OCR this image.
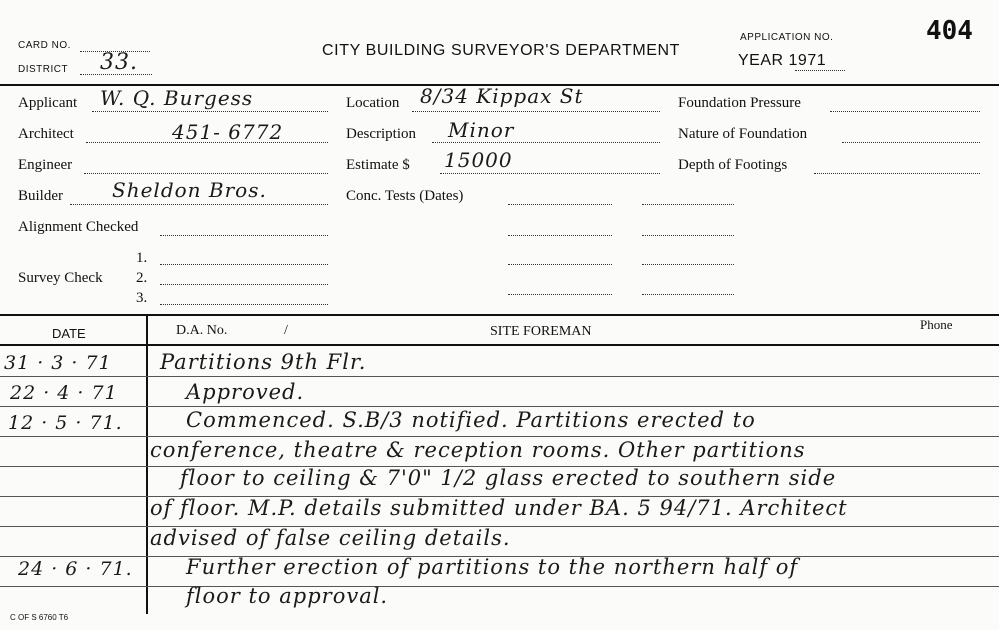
CARD NO.
DISTRICT 33.	CITY BUILDING SURVEYOR'S DEPARTMENT
APPLICATION NO.
YEAR 1971
404
Applicant W. Q. Burgess
Architect	451- 6772
Engineer
Builder Sheldon Bros.
Alignment Checked
Survey Check
1.
2.
3.
Location 8/34 Kippax St
Description Minor
Estimate $ 15000
Conc. Tests (Dates)
Foundation Pressure
Nature of Foundation
Depth of Footings
DATE	D.A. No.	/	SITE FOREMAN	Phone
31 · 3 · 71 Partitions 9th Flr.
22 · 4 · 71	Approved.
12 · 5 · 71.	Commenced. S.B/3 notified. Partitions erected to
conference, theatre & reception rooms. Other partitions
floor to ceiling & 7'0" 1/2 glass erected to southern side
of floor. M.P. details submitted under BA. 5 94/71. Architect
advised of false ceiling details.
24 · 6 · 71.	Further erection of partitions to the northern half of
floor to approval.
C OF S 6760 T6
